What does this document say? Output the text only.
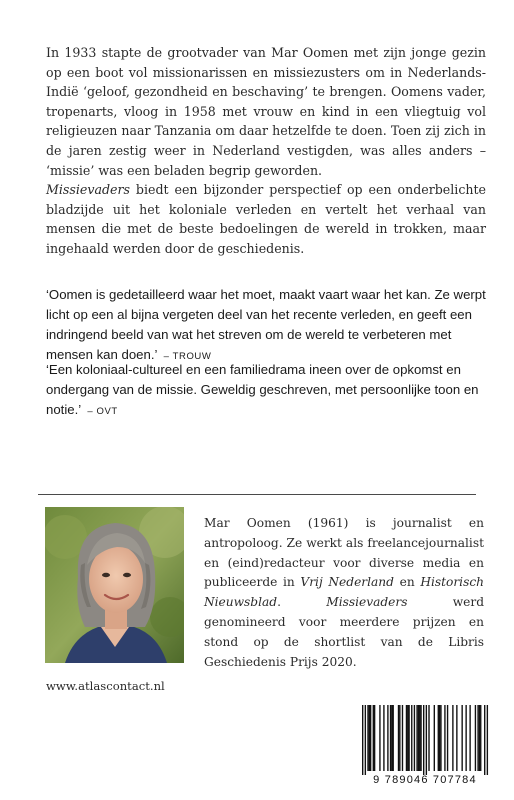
In 1933 stapte de grootvader van Mar Oomen met zijn jonge gezin op een boot vol missionarissen en missiezusters om in Nederlands-Indië ‘geloof, gezondheid en beschaving’ te brengen. Oomens vader, tropenarts, vloog in 1958 met vrouw en kind in een vliegtuig vol religieuzen naar Tanzania om daar hetzelfde te doen. Toen zij zich in de jaren zestig weer in Nederland vestigden, was alles anders – ‘missie’ was een beladen begrip geworden.

Missievaders biedt een bijzonder perspectief op een onderbelichte bladzijde uit het koloniale verleden en vertelt het verhaal van mensen die met de beste bedoelingen de wereld in trokken, maar ingehaald werden door de geschiedenis.

‘Oomen is gedetailleerd waar het moet, maakt vaart waar het kan. Ze werpt licht op een al bijna vergeten deel van het recente verleden, en geeft een indringend beeld van wat het streven om de wereld te verbeteren met mensen kan doen.’ – TROUW
‘Een koloniaal-cultureel en een familiedrama ineen over de opkomst en ondergang van de missie. Geweldig geschreven, met persoonlijke toon en notie.’ – OVT
Mar Oomen (1961) is journalist en antropoloog. Ze werkt als freelancejournalist en (eind)redacteur voor diverse media en publiceerde in Vrij Nederland en Historisch Nieuwsblad. Missievaders werd genomineerd voor meerdere prijzen en stond op de shortlist van de Libris Geschiedenis Prijs 2020.
www.atlascontact.nl
9 789046 707784
